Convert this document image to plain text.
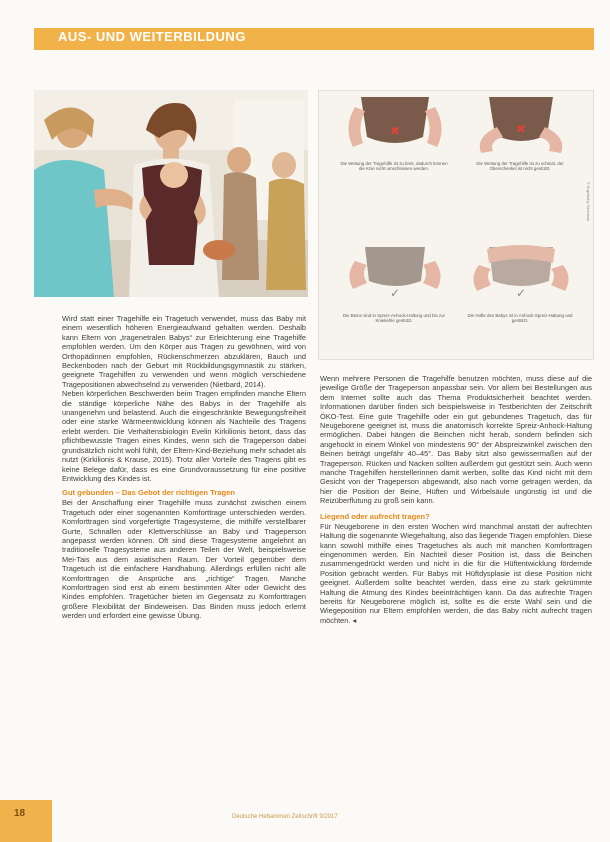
AUS- UND WEITERBILDUNG
✖
Die Weitung der Tragehilfe ist zu breit, dadurch können die Knie nicht umschlossen werden.
✖
Die Weitung der Tragehilfe ist zu schmal, der Oberschenkel ist nicht gestützt.
✓
Die Beine sind in Spreiz-Anhock-Haltung und bis zur Kniekehle gestützt.
✓
Die Hüfte des Babys ist in Anhock-Spreiz-Haltung und gestützt.
© ErgoBaby Germany

Wird statt einer Tragehilfe ein Tragetuch verwendet, muss das Baby mit einem wesentlich höheren Energieaufwand gehalten werden. Deshalb kann Eltern von „tragenetralen Babys“ zur Erleichterung eine Tragehilfe empfohlen werden. Um den Körper aus Tragen zu gewöhnen, wird von Orthopädinnen empfohlen, Rückenschmerzen abzuklären, Bauch und Beckenboden nach der Geburt mit Rückbildungsgymnastik zu stärken, geeignete Tragehilfen zu verwenden und wenn möglich verschiedene Tragepositionen abwechselnd zu verwenden (Nietbard, 2014).

Neben körperlichen Beschwerden beim Tragen empfinden manche Eltern die ständige körperliche Nähe des Babys in der Tragehilfe als unangenehm und belastend. Auch die eingeschränkte Bewegungsfreiheit oder eine starke Wärmeentwicklung können als Nachteile des Tragens erlebt werden. Die Verhaltensbiologin Evelin Kirkilionis betont, dass das pflichtbewusste Tragen eines Kindes, wenn sich die Trageperson dabei grundsätzlich nicht wohl fühlt, der Eltern-Kind-Beziehung mehr schadet als nutzt (Kirkilionis & Krause, 2015). Trotz aller Vorteile des Tragens gibt es keine Belege dafür, dass es eine Grundvoraussetzung für eine positive Entwicklung des Kindes ist.

Gut gebunden – Das Gebot der richtigen Tragen

Bei der Anschaffung einer Tragehilfe muss zunächst zwischen einem Tragetuch oder einer sogenannten Komforttrage unterschieden werden. Komforttragen sind vorgefertigte Tragesysteme, die mithilfe verstellbarer Gurte, Schnallen oder Klettverschlüsse an Baby und Trageperson angepasst werden können. Oft sind diese Tragesysteme angelehnt an traditionelle Tragesysteme aus anderen Teilen der Welt, beispielsweise Mei-Tais aus dem asiatischen Raum. Der Vorteil gegenüber dem Tragetuch ist die einfachere Handhabung. Allerdings erfüllen nicht alle Komforttragen die Ansprüche ans „richtige“ Tragen. Manche Komforttragen sind erst ab einem bestimmten Alter oder Gewicht des Kindes empfohlen. Tragetücher bieten im Gegensatz zu Komforttragen größere Flexibilität der Bindeweisen. Das Binden muss jedoch erlernt werden und erfordert eine gewisse Übung.

Wenn mehrere Personen die Tragehilfe benutzen möchten, muss diese auf die jeweilige Größe der Trageperson anpassbar sein. Vor allem bei Bestellungen aus dem Internet sollte auch das Thema Produktsicherheit beachtet werden. Informationen darüber finden sich beispielsweise in Testberichten der Zeitschrift ÖKO-Test. Eine gute Tragehilfe oder ein gut gebundenes Tragetuch, das für Neugeborene geeignet ist, muss die anatomisch korrekte Spreiz-Anhock-Haltung ermöglichen. Dabei hängen die Beinchen nicht herab, sondern befinden sich angehockt in einem Winkel von mindestens 90° der Abspreizwinkel zwischen den Beinen beträgt ungefähr 40–45°. Das Baby sitzt also gewissermaßen auf der Trageperson. Rücken und Nacken sollten außerdem gut gestützt sein. Auch wenn manche Tragehilfen herstellerinnen damit werben, sollte das Kind nicht mit dem Gesicht von der Trageperson abgewandt, also nach vorne getragen werden, da hier die Position der Beine, Hüften und Wirbelsäule ungünstig ist und die Reizüberflutung zu groß sein kann.

Liegend oder aufrecht tragen?

Für Neugeborene in den ersten Wochen wird manchmal anstatt der aufrechten Haltung die sogenannte Wiegehaltung, also das liegende Tragen empfohlen. Diese kann sowohl mithilfe eines Tragetuches als auch mit manchen Komforttragen eingenommen werden. Ein Nachteil dieser Position ist, dass die Beinchen zusammengedrückt werden und nicht in die für die Hüftentwicklung fördernde Position gebracht werden. Für Babys mit Hüftdysplasie ist diese Position nicht geeignet. Außerdem sollte beachtet werden, dass eine zu stark gekrümmte Haltung die Atmung des Kindes beeinträchtigen kann. Da das aufrechte Tragen bereits für Neugeborene möglich ist, sollte es die erste Wahl sein und die Wiegeposition nur Eltern empfohlen werden, die das Baby nicht aufrecht tragen möchten. ◂

18	Deutsche Hebammen Zeitschrift 9/2017
